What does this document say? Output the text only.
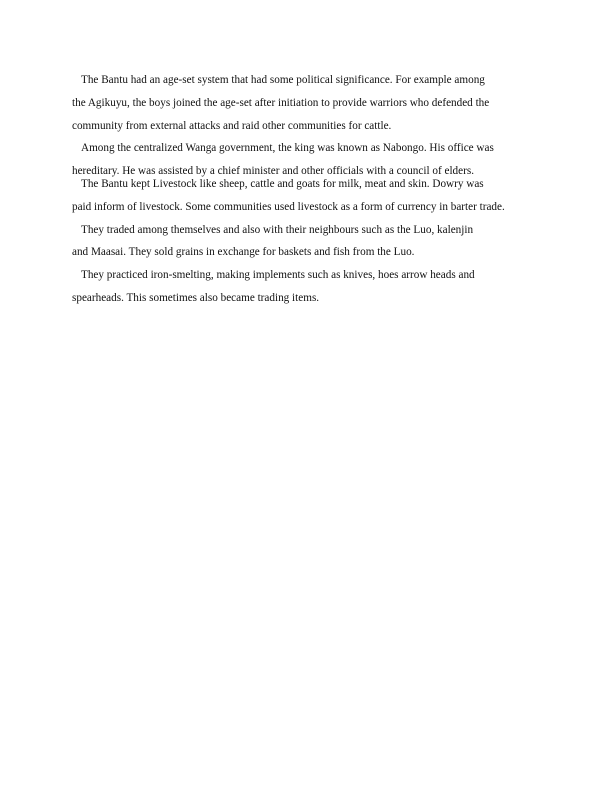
The Bantu had an age-set system that had some political significance. For example among
the Agikuyu, the boys joined the age-set after initiation to provide warriors who defended the
community from external attacks and raid other communities for cattle.
Among the centralized Wanga government, the king was known as Nabongo. His office was
hereditary. He was assisted by a chief minister and other officials with a council of elders.
The Bantu kept Livestock like sheep, cattle and goats for milk, meat and skin. Dowry was
paid inform of livestock. Some communities used livestock as a form of currency in barter trade.
They traded among themselves and also with their neighbours such as the Luo, kalenjin
and Maasai. They sold grains in exchange for baskets and fish from the Luo.
They practiced iron-smelting, making implements such as knives, hoes arrow heads and
spearheads. This sometimes also became trading items.
